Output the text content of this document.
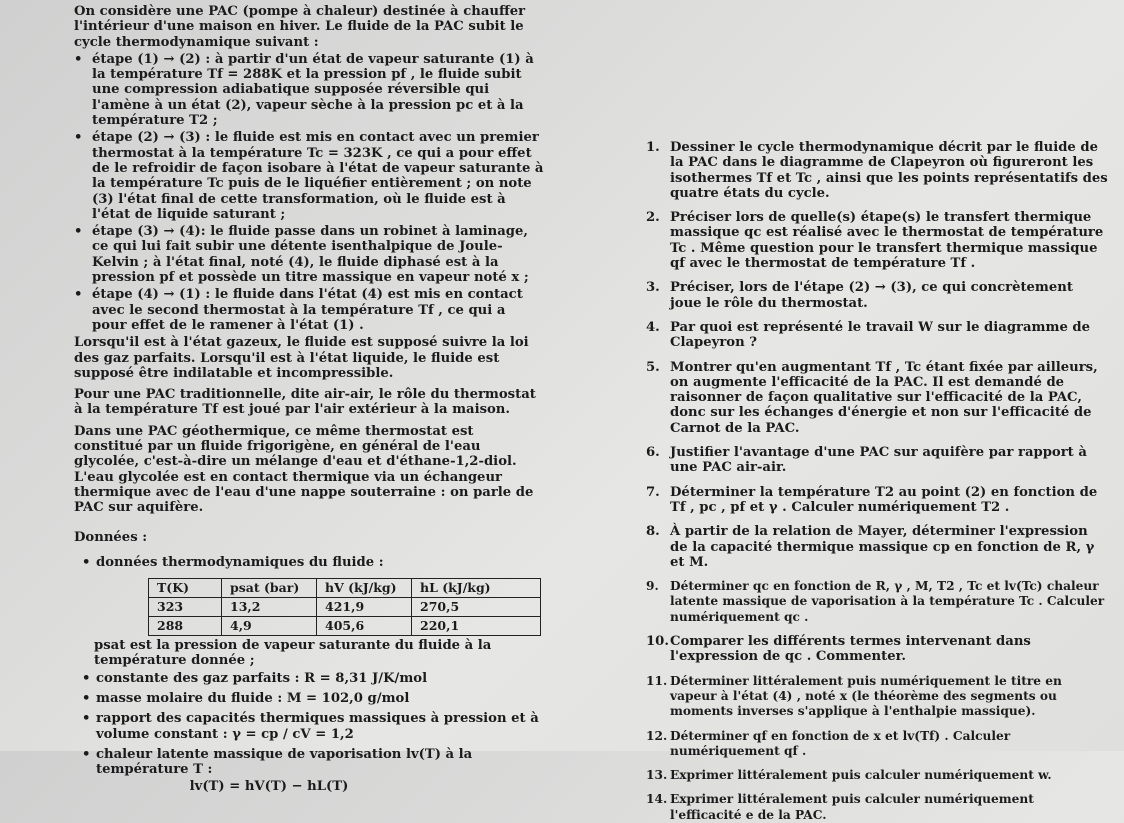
On considère une PAC (pompe à chaleur) destinée à chauffer l'intérieur d'une maison en hiver. Le fluide de la PAC subit le cycle thermodynamique suivant :

• étape (1) → (2) : à partir d'un état de vapeur saturante (1) à la température Tf = 288K et la pression pf , le fluide subit une compression adiabatique supposée réversible qui l'amène à un état (2), vapeur sèche à la pression pc et à la température T2 ;

• étape (2) → (3) : le fluide est mis en contact avec un premier thermostat à la température Tc = 323K , ce qui a pour effet de le refroidir de façon isobare à l'état de vapeur saturante à la température Tc puis de le liquéfier entièrement ; on note (3) l'état final de cette transformation, où le fluide est à l'état de liquide saturant ;

• étape (3) → (4): le fluide passe dans un robinet à laminage, ce qui lui fait subir une détente isenthalpique de Joule-Kelvin ; à l'état final, noté (4), le fluide diphasé est à la pression pf et possède un titre massique en vapeur noté x ;

• étape (4) → (1) : le fluide dans l'état (4) est mis en contact avec le second thermostat à la température Tf , ce qui a pour effet de le ramener à l'état (1) .

Lorsqu'il est à l'état gazeux, le fluide est supposé suivre la loi des gaz parfaits. Lorsqu'il est à l'état liquide, le fluide est supposé être indilatable et incompressible.

Pour une PAC traditionnelle, dite air-air, le rôle du thermostat à la température Tf est joué par l'air extérieur à la maison.

Dans une PAC géothermique, ce même thermostat est constitué par un fluide frigorigène, en général de l'eau glycolée, c'est-à-dire un mélange d'eau et d'éthane-1,2-diol. L'eau glycolée est en contact thermique via un échangeur thermique avec de l'eau d'une nappe souterraine : on parle de PAC sur aquifère.

Données :

• données thermodynamiques du fluide :

T(K)	psat (bar)	hV (kJ/kg)	hL (kJ/kg)
323	13,2	421,9	270,5
288	4,9	405,6	220,1

psat est la pression de vapeur saturante du fluide à la température donnée ;

• constante des gaz parfaits : R = 8,31 J/K/mol

• masse molaire du fluide : M = 102,0 g/mol

• rapport des capacités thermiques massiques à pression et à volume constant : γ = cp / cV = 1,2

• chaleur latente massique de vaporisation lv(T) à la température T :

lv(T) = hV(T) − hL(T)

1. Dessiner le cycle thermodynamique décrit par le fluide de la PAC dans le diagramme de Clapeyron où figureront les isothermes Tf et Tc , ainsi que les points représentatifs des quatre états du cycle.
2. Préciser lors de quelle(s) étape(s) le transfert thermique massique qc est réalisé avec le thermostat de température Tc . Même question pour le transfert thermique massique qf avec le thermostat de température Tf .
3. Préciser, lors de l'étape (2) → (3), ce qui concrètement joue le rôle du thermostat.
4. Par quoi est représenté le travail W sur le diagramme de Clapeyron ?
5. Montrer qu'en augmentant Tf , Tc étant fixée par ailleurs, on augmente l'efficacité de la PAC. Il est demandé de raisonner de façon qualitative sur l'efficacité de la PAC, donc sur les échanges d'énergie et non sur l'efficacité de Carnot de la PAC.
6. Justifier l'avantage d'une PAC sur aquifère par rapport à une PAC air-air.
7. Déterminer la température T2 au point (2) en fonction de Tf , pc , pf et γ . Calculer numériquement T2 .
8. À partir de la relation de Mayer, déterminer l'expression de la capacité thermique massique cp en fonction de R, γ et M.
9. Déterminer qc en fonction de R, γ , M, T2 , Tc et lv(Tc) chaleur latente massique de vaporisation à la température Tc . Calculer numériquement qc .
10. Comparer les différents termes intervenant dans l'expression de qc . Commenter.
11. Déterminer littéralement puis numériquement le titre en vapeur à l'état (4) , noté x (le théorème des segments ou moments inverses s'applique à l'enthalpie massique).
12. Déterminer qf en fonction de x et lv(Tf) . Calculer numériquement qf .
13. Exprimer littéralement puis calculer numériquement w.
14. Exprimer littéralement puis calculer numériquement l'efficacité e de la PAC.
